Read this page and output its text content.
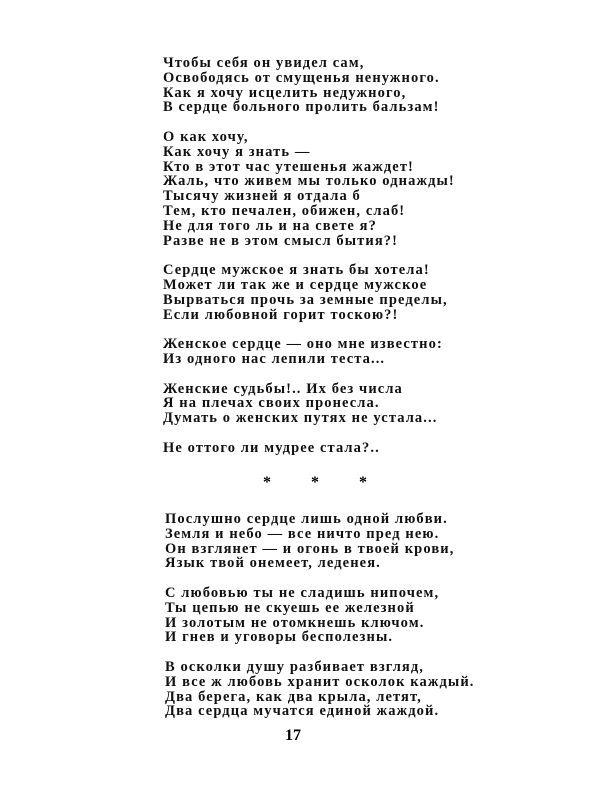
Чтобы себя он увидел сам,
Освободясь от смущенья ненужного.
Как я хочу исцелить недужного,
В сердце больного пролить бальзам!
О как хочу,
Как хочу я знать —
Кто в этот час утешенья жаждет!
Жаль, что живем мы только однажды!
Тысячу жизней я отдала б
Тем, кто печален, обижен, слаб!
Не для того ль и на свете я?
Разве не в этом смысл бытия?!
Сердце мужское я знать бы хотела!
Может ли так же и сердце мужское
Вырваться прочь за земные пределы,
Если любовной горит тоскою?!
Женское сердце — оно мне известно:
Из одного нас лепили теста...
Женские судьбы!.. Их без числа
Я на плечах своих пронесла.
Думать о женских путях не устала...
Не оттого ли мудрее стала?..
* * *
Послушно сердце лишь одной любви.
Земля и небо — все ничто пред нею.
Он взглянет — и огонь в твоей крови,
Язык твой онемеет, леденея.
С любовью ты не сладишь нипочем,
Ты цепью не скуешь ее железной
И золотым не отомкнешь ключом.
И гнев и уговоры бесполезны.
В осколки душу разбивает взгляд,
И все ж любовь хранит осколок каждый.
Два берега, как два крыла, летят,
Два сердца мучатся единой жаждой.
17
